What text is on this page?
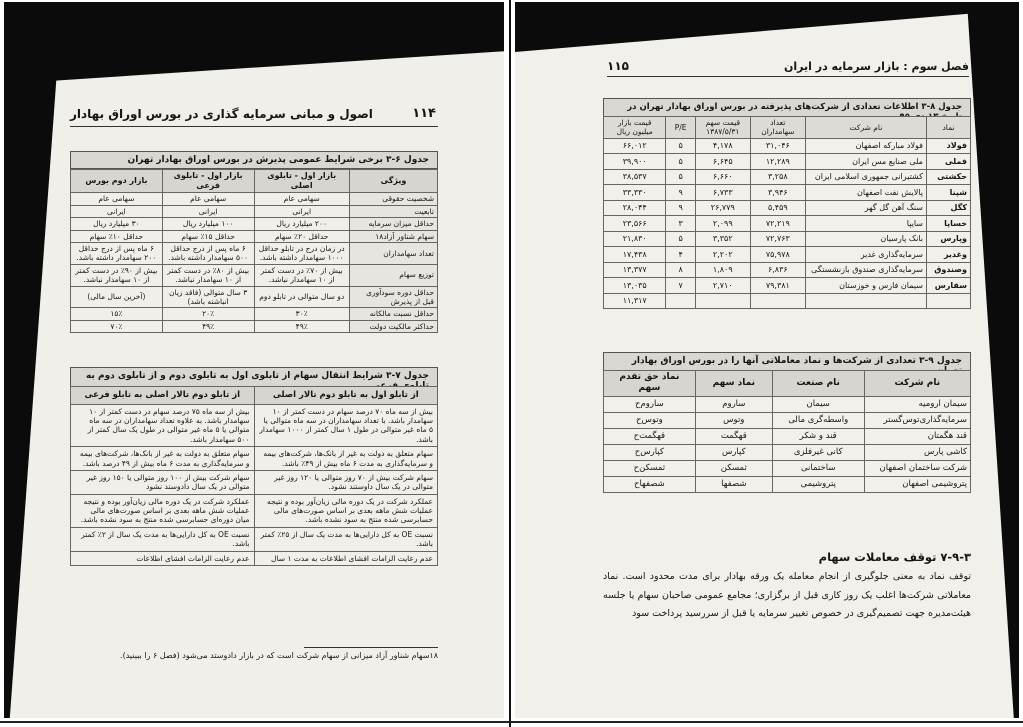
۱۱۴
اصول و مبانی سرمایه گذاری در بورس اوراق بهادار
جدول ۶-۳ برخی شرایط عمومی پذیرش در بورس اوراق بهادار تهران
ویژگی	بازار اول - تابلوی اصلی	بازار اول - تابلوی فرعی	بازار دوم بورس
شخصیت حقوقی	سهامی عام	سهامی عام	سهامی عام
تابعیت	ایرانی	ایرانی	ایرانی
حداقل میزان سرمایه	۲۰۰ میلیارد ریال	۱۰۰ میلیارد ریال	۳۰ میلیارد ریال
سهام شناور آزاد۱۸	حداقل ۲۰٪ سهام	حداقل ۱۵٪ سهام	حداقل ۱۰٪ سهام
تعداد سهامداران	در زمان درج در تابلو حداقل ۱۰۰۰ سهامدار داشته باشد.	۶ ماه پس از درج حداقل ۵۰۰ سهامدار داشته باشد.	۶ ماه پس از درج حداقل ۲۰۰ سهامدار داشته باشد.
توزیع سهام	بیش از ۷۰٪ در دست کمتر از ۱۰ سهامدار نباشد.	بیش از ۸۰٪ در دست کمتر از ۱۰ سهامدار نباشد.	بیش از ۹۰٪ در دست کمتر از ۱۰ سهامدار نباشد.
حداقل دوره سودآوری قبل از پذیرش	دو سال متوالی در تابلو دوم	۳ سال متوالی (فاقد زیان انباشته باشد)	(آخرین سال مالی)
حداقل نسبت مالکانه	۳۰٪	۲۰٪	۱۵٪
حداکثر مالکیت دولت	۴۹٪	۴۹٪	۷۰٪
جدول ۷-۳ شرایط انتقال سهام از تابلوی اول به تابلوی دوم و از تابلوی دوم به
از تابلو اول به تابلو دوم تالار اصلی	از تابلو دوم تالار اصلی به تابلو فرعی
بیش از سه ماه ۷۰ درصد سهام در دست کمتر از ۱۰ سهامدار باشد. با تعداد سهامداران در سه ماه متوالی یا ۵ ماه غیر متوالی در طول ۱ سال کمتر از ۱۰۰۰ سهامدار باشد.	بیش از سه ماه ۷۵ درصد سهام در دست کمتر از ۱۰ سهامدار باشد. به علاوه تعداد سهامداران در سه ماه متوالی یا ۵ ماه غیر متوالی در طول یک سال کمتر از ۵۰۰ سهامدار باشد.
سهام متعلق به دولت به غیر از بانک‌ها، شرکت‌های بیمه و سرمایه‌گذاری به مدت ۶ ماه بیش از ۴۹٪ باشد.	سهام متعلق به دولت به غیر از بانک‌ها، شرکت‌های بیمه و سرمایه‌گذاری به مدت ۶ ماه بیش از ۴۹ درصد باشد.
سهام شرکت بیش از ۷۰ روز متوالی یا ۱۲۰ روز غیر متوالی در یک سال داوستند نشود.	سهام شرکت بیش از ۱۰۰ روز متوالی یا ۱۵۰ روز غیر متوالی در یک سال دادوستد نشود
عملکرد شرکت در یک دوره مالی زیان‌آور بوده و نتیجه عملیات شش ماهه بعدی بر اساس صورت‌های مالی حسابرسی شده منتج به سود نشده باشد.	عملکرد شرکت در یک دوره مالی زیان‌آور بوده و نتیجه عملیات شش ماهه بعدی بر اساس صورت‌های مالی میان دوره‌ای حسابرسی شده منتج به سود نشده باشد.
نسبت OE به کل دارایی‌ها به مدت یک سال از ۲۵٪ کمتر باشد.	نسبت OE به کل دارایی‌ها به مدت یک سال از ۲٪ کمتر باشد.
عدم رعایت الزامات افشای اطلاعات به مدت ۱ سال	عدم رعایت الزامات افشای اطلاعات
۱۸سهام شناور آزاد میزانی از سهام شرکت است که در بازار دادوستد می‌شود (فصل ۶ را ببینید).
فصل سوم : بازار سرمایه در ایران
۱۱۵
جدول ۸-۳ اطلاعات تعدادی از شرکت‌های پذیرفته در بورس اوراق بهادار تهران در
نماد	نام شرکت	تعداد سهامداران	قیمت سهم ۱۳۸۷/۵/۳۱	P/E	قیمت بازار میلیون ریال
فولاد	فولاد مبارکه اصفهان	۳۱,۰۴۶	۴,۱۷۸	۵	۶۶,۰۱۲
فملی	ملی صنایع مس ایران	۱۲,۲۸۹	۶,۶۴۵	۵	۳۹,۹۰۰
حکشتی	کشتیرانی جمهوری اسلامی ایران	۳,۲۵۸	۶,۶۶۰	۵	۳۸,۵۳۷
شپنا	پالایش نفت اصفهان	۳,۹۴۶	۶,۷۳۳	۹	۳۳,۳۳۰
کگل	سنگ آهن گل گهر	۵,۴۵۹	۲۶,۷۷۹	۹	۲۸,۰۴۴
خساپا	سایپا	۷۲,۲۱۹	۲,۰۹۹	۳	۲۳,۵۶۶
وپارس	بانک پارسیان	۷۲,۷۶۳	۳,۳۵۲	۵	۲۱,۸۳۰
وغدیر	سرمایه‌گذاری غدیر	۷۵,۹۷۸	۲,۲۰۲	۴	۱۷,۴۳۸
وصندوق	سرمایه‌گذاری صندوق بازنشستگی	۶,۸۳۶	۱,۸۰۹	۸	۱۳,۳۷۷
سفارس	سیمان فارس و خوزستان	۷۹,۳۸۱	۲,۷۱۰	۷	۱۳,۰۳۵
					۱۱,۳۱۷
جدول ۹-۳ تعدادی از شرکت‌ها و نماد معاملاتی آنها را در بورس اوراق بهادار
نام شرکت	نام صنعت	نماد سهم	نماد حق تقدم سهم
سیمان ارومیه	سیمان	ساروم	ساروم‌ح
سرمایه‌گذاری‌توس‌گستر	واسطه‌گری مالی	وتوس	وتوس‌ح
قند هگمتان	قند و شکر	قهگمت	قهگمت‌ح
کاشی پارس	کانی غیرفلزی	کپارس	کپارس‌ح
شرکت ساختمان اصفهان	ساختمانی	ثمسکن	ثمسکن‌ح
پتروشیمی اصفهان	پتروشیمی	شصفها	شصفها‌ح
۷-۹-۳ توقف معاملات سهام
توقف نماد به معنی جلوگیری از انجام معامله یک ورقه بهادار برای مدت محدود است. نماد معاملاتی شرکت‌ها اغلب یک روز کاری قبل از برگزاری؛ مجامع عمومی صاحبان سهام یا جلسه هیئت‌مدیره جهت تصمیم‌گیری در خصوص تغییر سرمایه یا قبل از سررسید پرداخت سود
